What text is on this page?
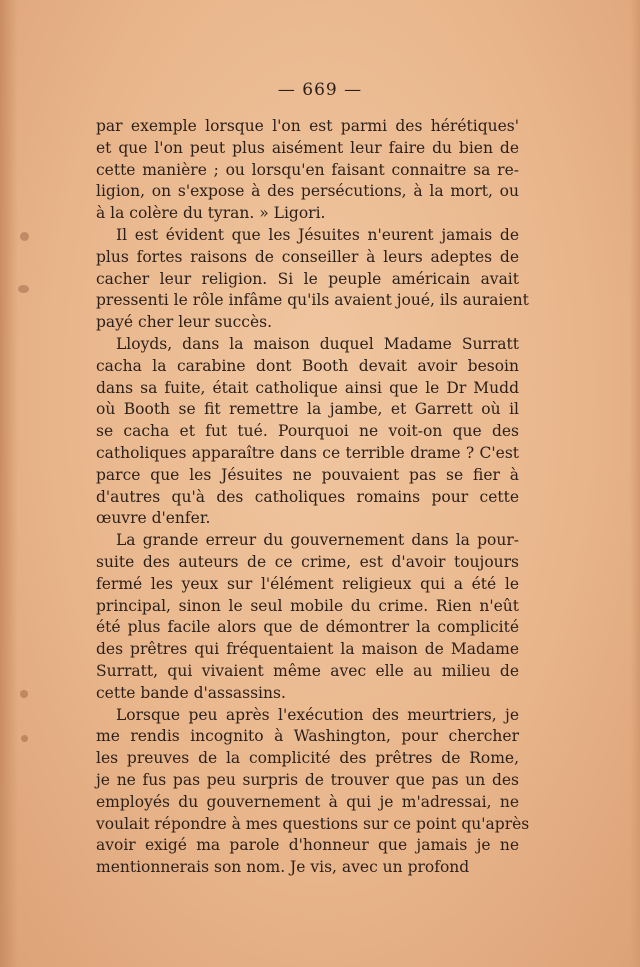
— 669 —
par exemple lorsque l'on est parmi des hérétiques'
et que l'on peut plus aisément leur faire du bien de
cette manière ; ou lorsqu'en faisant connaitre sa re-
ligion, on s'expose à des persécutions, à la mort, ou
à la colère du tyran. » Ligori.
Il est évident que les Jésuites n'eurent jamais de
plus fortes raisons de conseiller à leurs adeptes de
cacher leur religion. Si le peuple américain avait
pressenti le rôle infâme qu'ils avaient joué, ils auraient
payé cher leur succès.
Lloyds, dans la maison duquel Madame Surratt
cacha la carabine dont Booth devait avoir besoin
dans sa fuite, était catholique ainsi que le Dr Mudd
où Booth se fit remettre la jambe, et Garrett où il
se cacha et fut tué. Pourquoi ne voit-on que des
catholiques apparaître dans ce terrible drame ? C'est
parce que les Jésuites ne pouvaient pas se fier à
d'autres qu'à des catholiques romains pour cette
œuvre d'enfer.
La grande erreur du gouvernement dans la pour-
suite des auteurs de ce crime, est d'avoir toujours
fermé les yeux sur l'élément religieux qui a été le
principal, sinon le seul mobile du crime. Rien n'eût
été plus facile alors que de démontrer la complicité
des prêtres qui fréquentaient la maison de Madame
Surratt, qui vivaient même avec elle au milieu de
cette bande d'assassins.
Lorsque peu après l'exécution des meurtriers, je
me rendis incognito à Washington, pour chercher
les preuves de la complicité des prêtres de Rome,
je ne fus pas peu surpris de trouver que pas un des
employés du gouvernement à qui je m'adressai, ne
voulait répondre à mes questions sur ce point qu'après
avoir exigé ma parole d'honneur que jamais je ne
mentionnerais son nom. Je vis, avec un profond
